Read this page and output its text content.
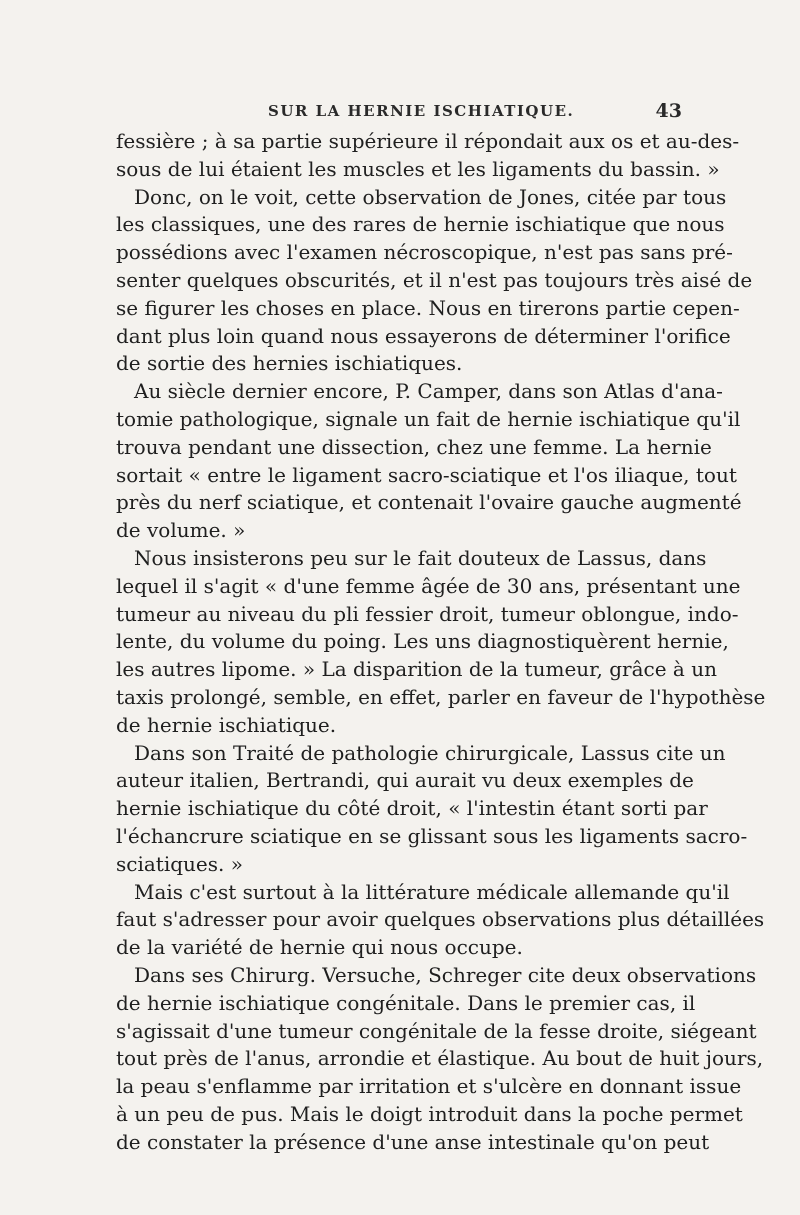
SUR LA HERNIE ISCHIATIQUE.	43

fessière ; à sa partie supérieure il répondait aux os et au-des-
sous de lui étaient les muscles et les ligaments du bassin. »

Donc, on le voit, cette observation de Jones, citée par tous
les classiques, une des rares de hernie ischiatique que nous
possédions avec l'examen nécroscopique, n'est pas sans pré-
senter quelques obscurités, et il n'est pas toujours très aisé de
se figurer les choses en place. Nous en tirerons partie cepen-
dant plus loin quand nous essayerons de déterminer l'orifice
de sortie des hernies ischiatiques.

Au siècle dernier encore, P. Camper, dans son Atlas d'ana-
tomie pathologique, signale un fait de hernie ischiatique qu'il
trouva pendant une dissection, chez une femme. La hernie
sortait « entre le ligament sacro-sciatique et l'os iliaque, tout
près du nerf sciatique, et contenait l'ovaire gauche augmenté
de volume. »

Nous insisterons peu sur le fait douteux de Lassus, dans
lequel il s'agit « d'une femme âgée de 30 ans, présentant une
tumeur au niveau du pli fessier droit, tumeur oblongue, indo-
lente, du volume du poing. Les uns diagnostiquèrent hernie,
les autres lipome. » La disparition de la tumeur, grâce à un
taxis prolongé, semble, en effet, parler en faveur de l'hypothèse
de hernie ischiatique.

Dans son Traité de pathologie chirurgicale, Lassus cite un
auteur italien, Bertrandi, qui aurait vu deux exemples de
hernie ischiatique du côté droit, « l'intestin étant sorti par
l'échancrure sciatique en se glissant sous les ligaments sacro-
sciatiques. »

Mais c'est surtout à la littérature médicale allemande qu'il
faut s'adresser pour avoir quelques observations plus détaillées
de la variété de hernie qui nous occupe.

Dans ses Chirurg. Versuche, Schreger cite deux observations
de hernie ischiatique congénitale. Dans le premier cas, il
s'agissait d'une tumeur congénitale de la fesse droite, siégeant
tout près de l'anus, arrondie et élastique. Au bout de huit jours,
la peau s'enflamme par irritation et s'ulcère en donnant issue
à un peu de pus. Mais le doigt introduit dans la poche permet
de constater la présence d'une anse intestinale qu'on peut
